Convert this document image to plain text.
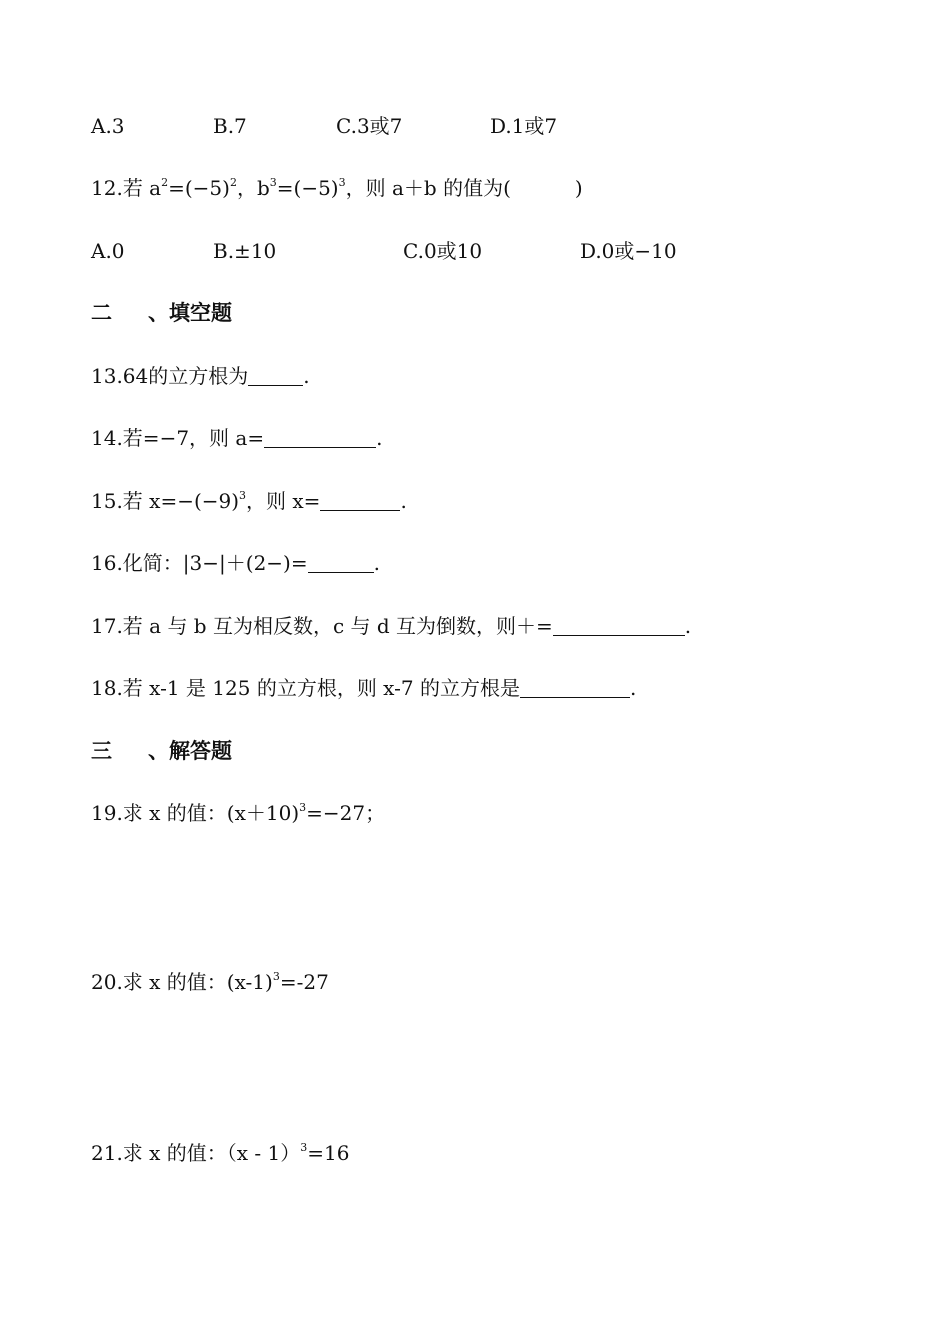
A.3	B.7	C.3或7	D.1或7
12.若 $a^2=(-5)^2$，$b^3=(-5)^3$，则 a＋b 的值为(	)
A.0	B.±10	C.0或10	D.0或−10
二 、填空题
13.64的立方根为	.
14.若=−7，则 a=	.
15.若 $x=-(-9)^3$，则 x=	.
16.化简：|3−|＋(2−)=	.
17.若 a 与 b 互为相反数，c 与 d 互为倒数，则＋=	.
18.若 x-1 是 125 的立方根，则 x-7 的立方根是	.
三 、解答题
19.求 x 的值：$(x+10)^3=-27$；
20.求 x 的值：$(x-1)^3=-27$
21.求 x 的值：（x - 1）$^3$=16
